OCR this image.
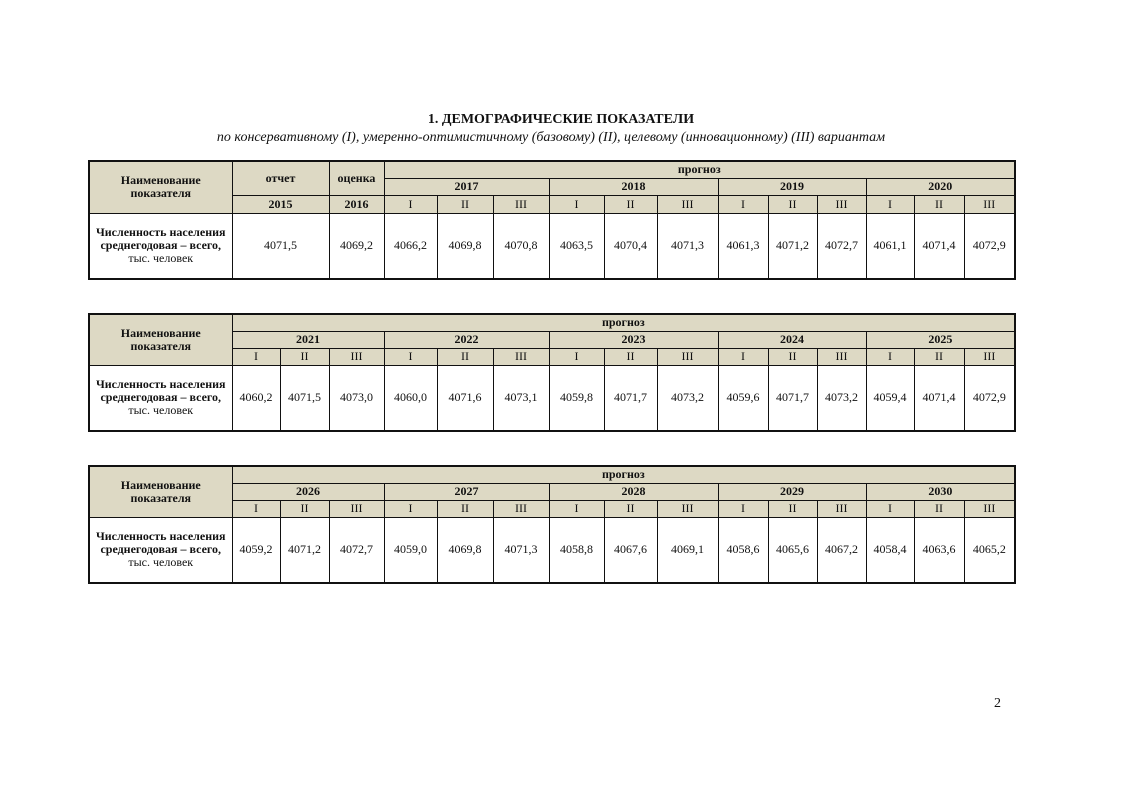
1. ДЕМОГРАФИЧЕСКИЕ ПОКАЗАТЕЛИ
по консервативному (I), умеренно-оптимистичному (базовому) (II), целевому (инновационному) (III) вариантам
Наименование показателя	отчет	оценка	прогноз											
			2017			2018			2019			2020		
	2015	2016	I	II	III	I	II	III	I	II	III	I	II	III
Численность населения среднегодовая – всего, тыс. человек	4071,5	4069,2	4066,2	4069,8	4070,8	4063,5	4070,4	4071,3	4061,3	4071,2	4072,7	4061,1	4071,4	4072,9
Наименование показателя	прогноз														
	2021			2022			2023			2024			2025		
	I	II	III	I	II	III	I	II	III	I	II	III	I	II	III
Численность населения среднегодовая – всего, тыс. человек	4060,2	4071,5	4073,0	4060,0	4071,6	4073,1	4059,8	4071,7	4073,2	4059,6	4071,7	4073,2	4059,4	4071,4	4072,9
Наименование показателя	прогноз														
	2026			2027			2028			2029			2030		
	I	II	III	I	II	III	I	II	III	I	II	III	I	II	III
Численность населения среднегодовая – всего, тыс. человек	4059,2	4071,2	4072,7	4059,0	4069,8	4071,3	4058,8	4067,6	4069,1	4058,6	4065,6	4067,2	4058,4	4063,6	4065,2
2
